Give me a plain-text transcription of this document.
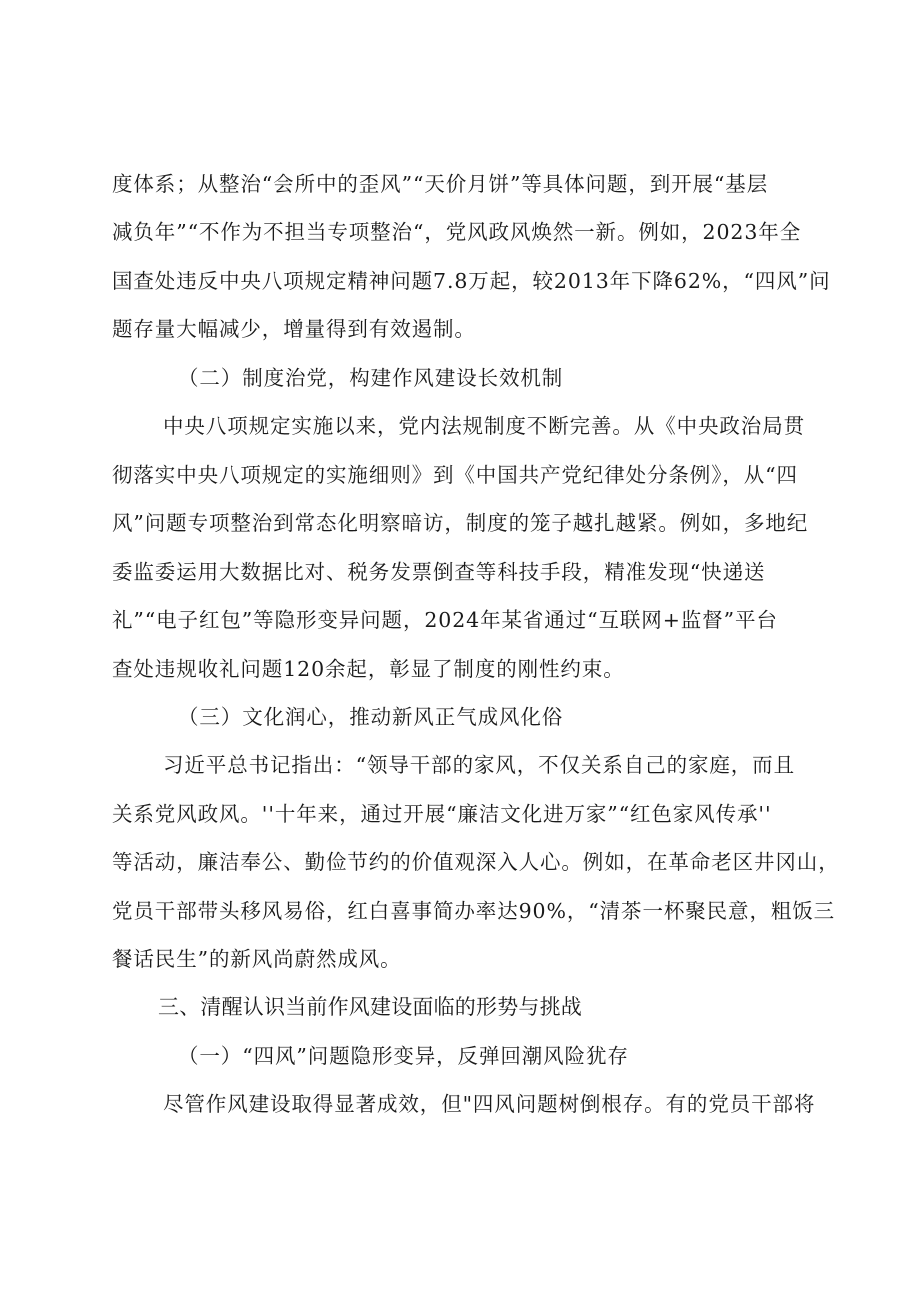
度体系；从整治“会所中的歪风”“天价月饼”等具体问题，到开展“基层
减负年”“不作为不担当专项整治“，党风政风焕然一新。例如，2023年全
国查处违反中央八项规定精神问题7.8万起，较2013年下降62%，“四风”问
题存量大幅减少，增量得到有效遏制。
（二）制度治党，构建作风建设长效机制
中央八项规定实施以来，党内法规制度不断完善。从《中央政治局贯
彻落实中央八项规定的实施细则》到《中国共产党纪律处分条例》，从“四
风”问题专项整治到常态化明察暗访，制度的笼子越扎越紧。例如，多地纪
委监委运用大数据比对、税务发票倒查等科技手段，精准发现“快递送
礼”“电子红包”等隐形变异问题，2024年某省通过“互联网+监督”平台
查处违规收礼问题120余起，彰显了制度的刚性约束。
（三）文化润心，推动新风正气成风化俗
习近平总书记指出：“领导干部的家风，不仅关系自己的家庭，而且
关系党风政风。''十年来，通过开展“廉洁文化进万家”“红色家风传承''
等活动，廉洁奉公、勤俭节约的价值观深入人心。例如，在革命老区井冈山，
党员干部带头移风易俗，红白喜事简办率达90%，“清茶一杯聚民意，粗饭三
餐话民生”的新风尚蔚然成风。
三、清醒认识当前作风建设面临的形势与挑战
（一）“四风”问题隐形变异，反弹回潮风险犹存
尽管作风建设取得显著成效，但"四风问题树倒根存。有的党员干部将
